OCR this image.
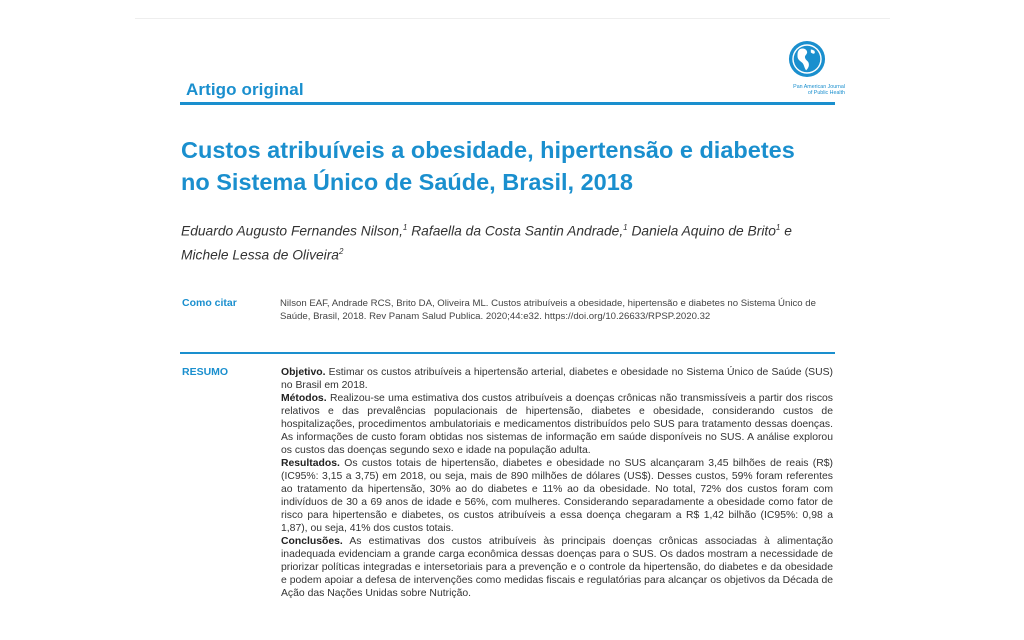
Artigo original	Pan American Journal
of Public Health
Custos atribuíveis a obesidade, hipertensão e diabetes
no Sistema Único de Saúde, Brasil, 2018
Eduardo Augusto Fernandes Nilson,$^1$ Rafaella da Costa Santin Andrade,$^1$ Daniela Aquino de Brito$^1$ e
Michele Lessa de Oliveira$^2$
Como citar	Nilson EAF, Andrade RCS, Brito DA, Oliveira ML. Custos atribuíveis a obesidade, hipertensão e diabetes no Sistema Único de Saúde, Brasil, 2018. Rev Panam Salud Publica. 2020;44:e32. https://doi.org/10.26633/RPSP.2020.32
RESUMO	Objetivo. Estimar os custos atribuíveis a hipertensão arterial, diabetes e obesidade no Sistema Único de Saúde (SUS) no Brasil em 2018.

Métodos. Realizou-se uma estimativa dos custos atribuíveis a doenças crônicas não transmissíveis a partir dos riscos relativos e das prevalências populacionais de hipertensão, diabetes e obesidade, considerando custos de hospitalizações, procedimentos ambulatoriais e medicamentos distribuídos pelo SUS para tratamento dessas doenças. As informações de custo foram obtidas nos sistemas de informação em saúde disponíveis no SUS. A análise explorou os custos das doenças segundo sexo e idade na população adulta.

Resultados. Os custos totais de hipertensão, diabetes e obesidade no SUS alcançaram 3,45 bilhões de reais (R$) (IC95%: 3,15 a 3,75) em 2018, ou seja, mais de 890 milhões de dólares (US$). Desses custos, 59% foram referentes ao tratamento da hipertensão, 30% ao do diabetes e 11% ao da obesidade. No total, 72% dos custos foram com indivíduos de 30 a 69 anos de idade e 56%, com mulheres. Considerando separadamente a obesidade como fator de risco para hipertensão e diabetes, os custos atribuíveis a essa doença chegaram a R$ 1,42 bilhão (IC95%: 0,98 a 1,87), ou seja, 41% dos custos totais.

Conclusões. As estimativas dos custos atribuíveis às principais doenças crônicas associadas à alimentação inadequada evidenciam a grande carga econômica dessas doenças para o SUS. Os dados mostram a necessidade de priorizar políticas integradas e intersetoriais para a prevenção e o controle da hipertensão, do diabetes e da obesidade e podem apoiar a defesa de intervenções como medidas fiscais e regulatórias para alcançar os objetivos da Década de Ação das Nações Unidas sobre Nutrição.
